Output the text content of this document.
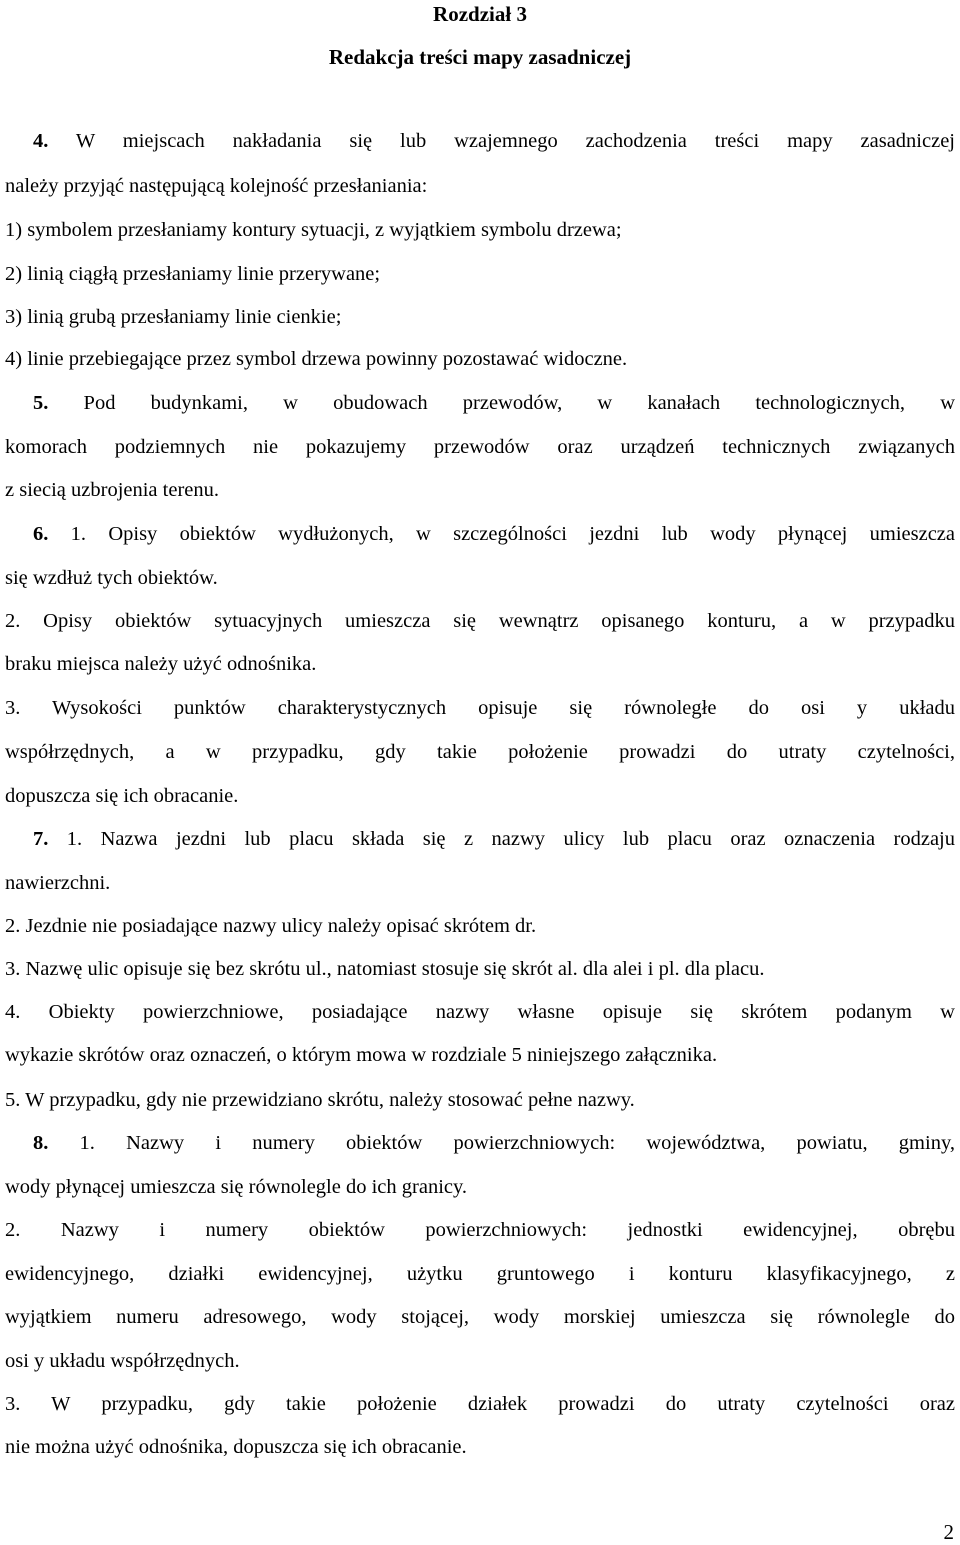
Rozdział 3
Redakcja treści mapy zasadniczej
4. W miejscach nakładania się lub wzajemnego zachodzenia treści mapy zasadniczej
należy przyjąć następującą kolejność przesłaniania:
1) symbolem przesłaniamy kontury sytuacji, z wyjątkiem symbolu drzewa;
2) linią ciągłą przesłaniamy linie przerywane;
3) linią grubą przesłaniamy linie cienkie;
4) linie przebiegające przez symbol drzewa powinny pozostawać widoczne.
5. Pod budynkami, w obudowach przewodów, w kanałach technologicznych, w
komorach podziemnych nie pokazujemy przewodów oraz urządzeń technicznych związanych
z siecią uzbrojenia terenu.
6. 1. Opisy obiektów wydłużonych, w szczególności jezdni lub wody płynącej umieszcza
się wzdłuż tych obiektów.
2. Opisy obiektów sytuacyjnych umieszcza się wewnątrz opisanego konturu, a w przypadku
braku miejsca należy użyć odnośnika.
3. Wysokości punktów charakterystycznych opisuje się równoległe do osi y układu
współrzędnych, a w przypadku, gdy takie położenie prowadzi do utraty czytelności,
dopuszcza się ich obracanie.
7. 1. Nazwa jezdni lub placu składa się z nazwy ulicy lub placu oraz oznaczenia rodzaju
nawierzchni.
2. Jezdnie nie posiadające nazwy ulicy należy opisać skrótem dr.
3. Nazwę ulic opisuje się bez skrótu ul., natomiast stosuje się skrót al. dla alei i pl. dla placu.
4. Obiekty powierzchniowe, posiadające nazwy własne opisuje się skrótem podanym w
wykazie skrótów oraz oznaczeń, o którym mowa w rozdziale 5 niniejszego załącznika.
5. W przypadku, gdy nie przewidziano skrótu, należy stosować pełne nazwy.
8. 1. Nazwy i numery obiektów powierzchniowych: województwa, powiatu, gminy,
wody płynącej umieszcza się równolegle do ich granicy.
2. Nazwy i numery obiektów powierzchniowych: jednostki ewidencyjnej, obrębu
ewidencyjnego, działki ewidencyjnej, użytku gruntowego i konturu klasyfikacyjnego, z
wyjątkiem numeru adresowego, wody stojącej, wody morskiej umieszcza się równolegle do
osi y układu współrzędnych.
3. W przypadku, gdy takie położenie działek prowadzi do utraty czytelności oraz
nie można użyć odnośnika, dopuszcza się ich obracanie.
2
